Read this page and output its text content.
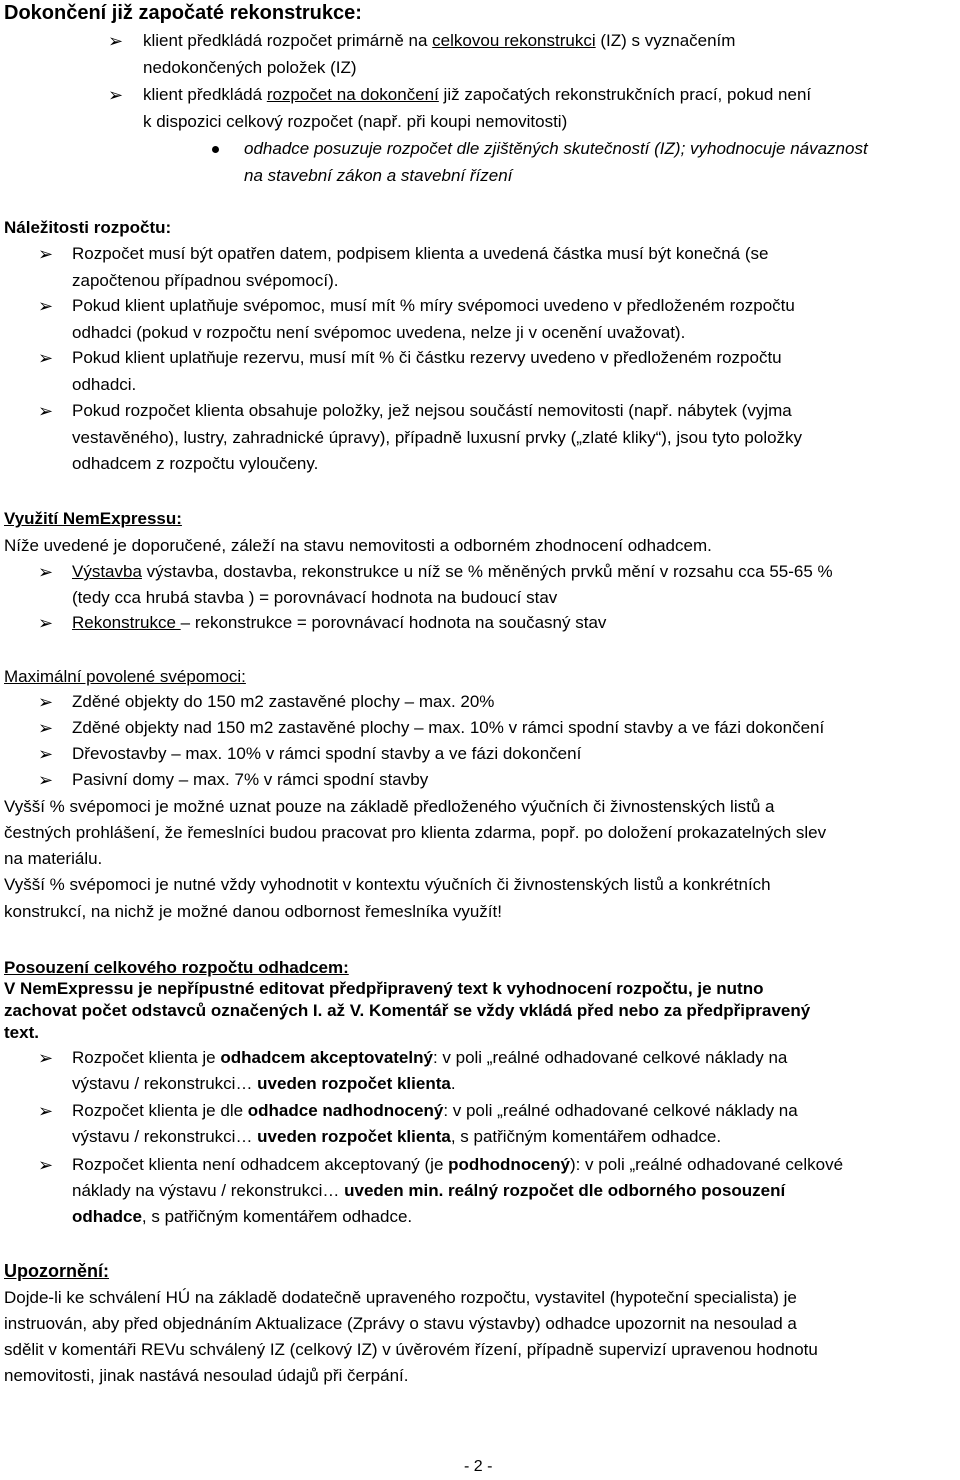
Dokončení již započaté rekonstrukce:
➢ klient předkládá rozpočet primárně na celkovou rekonstrukci (IZ) s vyznačením
nedokončených položek (IZ)
➢ klient předkládá rozpočet na dokončení již započatých rekonstrukčních prací, pokud není
k dispozici celkový rozpočet (např. při koupi nemovitosti)
odhadce posuzuje rozpočet dle zjištěných skutečností (IZ); vyhodnocuje návaznost
na stavební zákon a stavební řízení
Náležitosti rozpočtu:
➢ Rozpočet musí být opatřen datem, podpisem klienta a uvedená částka musí být konečná (se
započtenou případnou svépomocí).
➢ Pokud klient uplatňuje svépomoc, musí mít % míry svépomoci uvedeno v předloženém rozpočtu
odhadci (pokud v rozpočtu není svépomoc uvedena, nelze ji v ocenění uvažovat).
➢ Pokud klient uplatňuje rezervu, musí mít % či částku rezervy uvedeno v předloženém rozpočtu
odhadci.
➢ Pokud rozpočet klienta obsahuje položky, jež nejsou součástí nemovitosti (např. nábytek (vyjma
vestavěného), lustry, zahradnické úpravy), případně luxusní prvky („zlaté kliky“), jsou tyto položky
odhadcem z rozpočtu vyloučeny.
Využití NemExpressu:
Níže uvedené je doporučené, záleží na stavu nemovitosti a odborném zhodnocení odhadcem.
➢ Výstavba výstavba, dostavba, rekonstrukce u níž se % měněných prvků mění v rozsahu cca 55-65 %
(tedy cca hrubá stavba ) = porovnávací hodnota na budoucí stav
➢ Rekonstrukce – rekonstrukce = porovnávací hodnota na současný stav
Maximální povolené svépomoci:
➢ Zděné objekty do 150 m2 zastavěné plochy – max. 20%
➢ Zděné objekty nad 150 m2 zastavěné plochy – max. 10% v rámci spodní stavby a ve fázi dokončení
➢ Dřevostavby – max. 10% v rámci spodní stavby a ve fázi dokončení
➢ Pasivní domy – max. 7% v rámci spodní stavby
Vyšší % svépomoci je možné uznat pouze na základě předloženého výučních či živnostenských listů a
čestných prohlášení, že řemeslníci budou pracovat pro klienta zdarma, popř. po doložení prokazatelných slev
na materiálu.
Vyšší % svépomoci je nutné vždy vyhodnotit v kontextu výučních či živnostenských listů a konkrétních
konstrukcí, na nichž je možné danou odbornost řemeslníka využít!
Posouzení celkového rozpočtu odhadcem:
V NemExpressu je nepřípustné editovat předpřipravený text k vyhodnocení rozpočtu, je nutno
zachovat počet odstavců označených I. až V. Komentář se vždy vkládá před nebo za předpřipravený
text.
➢ Rozpočet klienta je odhadcem akceptovatelný: v poli „reálné odhadované celkové náklady na
výstavu / rekonstrukci… uveden rozpočet klienta.
➢ Rozpočet klienta je dle odhadce nadhodnocený: v poli „reálné odhadované celkové náklady na
výstavu / rekonstrukci… uveden rozpočet klienta, s patřičným komentářem odhadce.
➢ Rozpočet klienta není odhadcem akceptovaný (je podhodnocený): v poli „reálné odhadované celkové
náklady na výstavu / rekonstrukci… uveden min. reálný rozpočet dle odborného posouzení
odhadce, s patřičným komentářem odhadce.
Upozornění:
Dojde-li ke schválení HÚ na základě dodatečně upraveného rozpočtu, vystavitel (hypoteční specialista) je
instruován, aby před objednáním Aktualizace (Zprávy o stavu výstavby) odhadce upozornit na nesoulad a
sdělit v komentáři REVu schválený IZ (celkový IZ) v úvěrovém řízení, případně supervizí upravenou hodnotu
nemovitosti, jinak nastává nesoulad údajů při čerpání.
- 2 -
